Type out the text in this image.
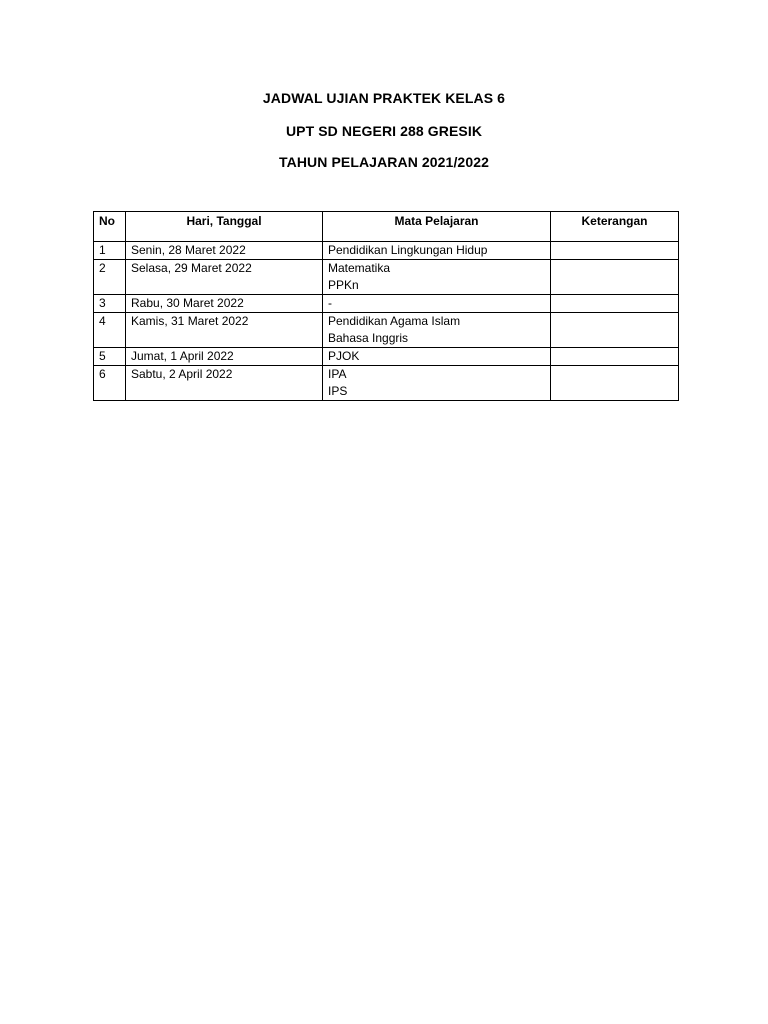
JADWAL UJIAN PRAKTEK KELAS 6
UPT SD NEGERI 288 GRESIK
TAHUN PELAJARAN 2021/2022
No	Hari, Tanggal	Mata Pelajaran	Keterangan
1	Senin, 28 Maret 2022	Pendidikan Lingkungan Hidup	

2	Selasa, 29 Maret 2022	Matematika
PPKn	

3	Rabu, 30 Maret 2022	-	

4	Kamis, 31 Maret 2022	Pendidikan Agama Islam
Bahasa Inggris	

5	Jumat, 1 April 2022	PJOK	

6	Sabtu, 2 April 2022	IPA
IPS	
